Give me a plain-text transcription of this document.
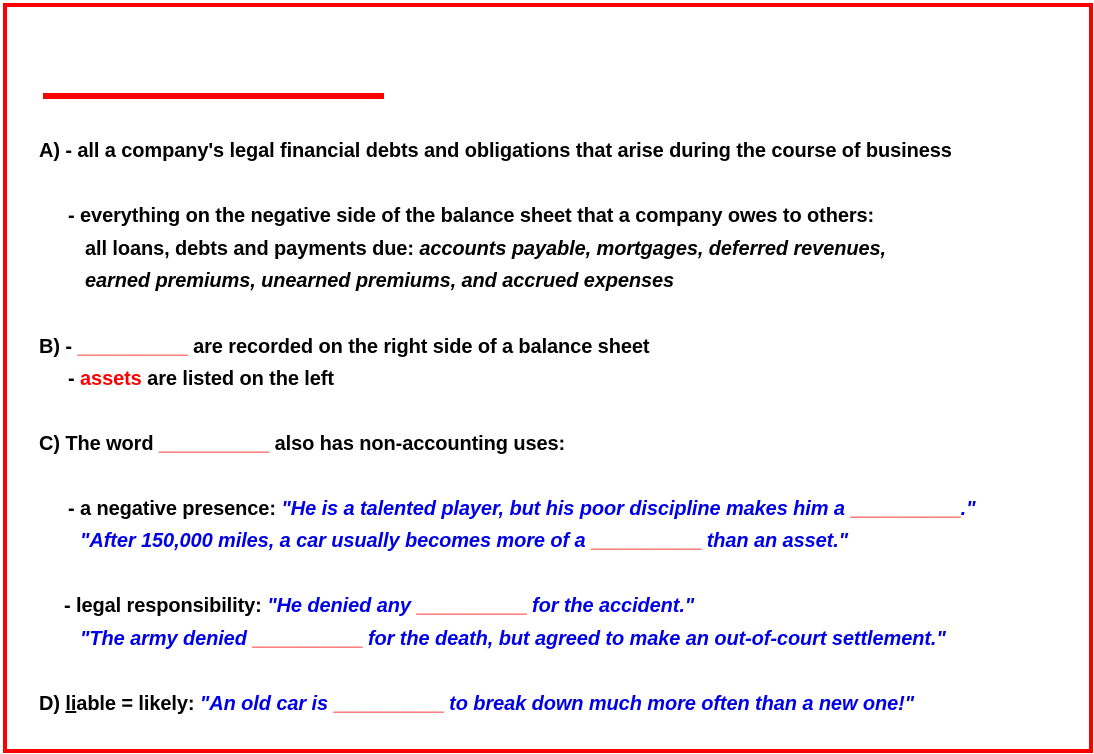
A) - all a company's legal financial debts and obligations that arise during the course of business
- everything on the negative side of the balance sheet that a company owes to others:
all loans, debts and payments due: accounts payable, mortgages, deferred revenues,
earned premiums, unearned premiums, and accrued expenses
B) - __________ are recorded on the right side of a balance sheet
- assets are listed on the left
C) The word __________ also has non-accounting uses:
- a negative presence: "He is a talented player, but his poor discipline makes him a __________."
"After 150,000 miles, a car usually becomes more of a __________ than an asset."
- legal responsibility: "He denied any __________ for the accident."
"The army denied __________ for the death, but agreed to make an out-of-court settlement."
D) liable = likely: "An old car is __________ to break down much more often than a new one!"
